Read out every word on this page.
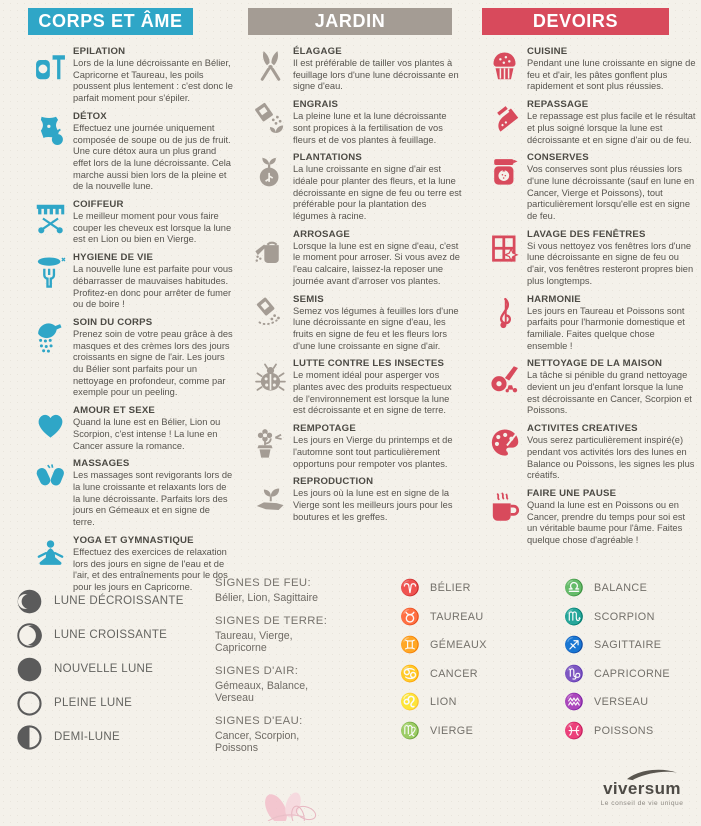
CORPS ET ÂME
EPILATION
Lors de la lune décroissante en Bélier, Capricorne et Taureau, les poils poussent plus lentement : c'est donc le parfait moment pour s'épiler.
DÉTOX
Effectuez une journée uniquement composée de soupe ou de jus de fruit. Une cure détox aura un plus grand effet lors de la lune décroissante. Cela marche aussi bien lors de la pleine et de la nouvelle lune.
COIFFEUR
Le meilleur moment pour vous faire couper les cheveux est lorsque la lune est en Lion ou bien en Vierge.
HYGIENE DE VIE
La nouvelle lune est parfaite pour vous débarrasser de mauvaises habitudes. Profitez-en donc pour arrêter de fumer ou de boire !
SOIN DU CORPS
Prenez soin de votre peau grâce à des masques et des crèmes lors des jours croissants en signe de l'air. Les jours du Bélier sont parfaits pour un nettoyage en profondeur, comme par exemple pour un peeling.
AMOUR ET SEXE
Quand la lune est en Bélier, Lion ou Scorpion, c'est intense ! La lune en Cancer assure la romance.
MASSAGES
Les massages sont revigorants lors de la lune croissante et relaxants lors de la lune décroissante. Parfaits lors des jours en Gémeaux et en signe de terre.
YOGA ET GYMNASTIQUE
Effectuez des exercices de relaxation lors des jours en signe de l'eau et de l'air, et des entraînements pour le dos pour les jours en Capricorne.
JARDIN
ÉLAGAGE
Il est préférable de tailler vos plantes à feuillage lors d'une lune décroissante en signe d'eau.
ENGRAIS
La pleine lune et la lune décroissante sont propices à la fertilisation de vos fleurs et de vos plantes à feuillage.
PLANTATIONS
La lune croissante en signe d'air est idéale pour planter des fleurs, et la lune décroissante en signe de feu ou terre est préférable pour la plantation des légumes à racine.
ARROSAGE
Lorsque la lune est en signe d'eau, c'est le moment pour arroser. Si vous avez de l'eau calcaire, laissez-la reposer une journée avant d'arroser vos plantes.
SEMIS
Semez vos légumes à feuilles lors d'une lune décroissante en signe d'eau, les fruits en signe de feu et les fleurs lors d'une lune croissante en signe d'air.
LUTTE CONTRE LES INSECTES
Le moment idéal pour asperger vos plantes avec des produits respectueux de l'environnement est lorsque la lune est décroissante et en signe de terre.
REMPOTAGE
Les jours en Vierge du printemps et de l'automne sont tout particulièrement opportuns pour rempoter vos plantes.
REPRODUCTION
Les jours où la lune est en signe de la Vierge sont les meilleurs jours pour les boutures et les greffes.
DEVOIRS
CUISINE
Pendant une lune croissante en signe de feu et d'air, les pâtes gonflent plus rapidement et sont plus réussies.
REPASSAGE
Le repassage est plus facile et le résultat et plus soigné lorsque la lune est décroissante et en signe d'air ou de feu.
CONSERVES
Vos conserves sont plus réussies lors d'une lune décroissante (sauf en lune en Cancer, Vierge et Poissons), tout particulièrement lorsqu'elle est en signe de feu.
LAVAGE DES FENÊTRES
Si vous nettoyez vos fenêtres lors d'une lune décroissante en signe de feu ou d'air, vos fenêtres resteront propres bien plus longtemps.
HARMONIE
Les jours en Taureau et Poissons sont parfaits pour l'harmonie domestique et familiale. Faites quelque chose ensemble !
NETTOYAGE DE LA MAISON
La tâche si pénible du grand nettoyage devient un jeu d'enfant lorsque la lune est décroissante en Cancer, Scorpion et Poissons.
ACTIVITES CREATIVES
Vous serez particulièrement inspiré(e) pendant vos activités lors des lunes en Balance ou Poissons, les signes les plus créatifs.
FAIRE UNE PAUSE
Quand la lune est en Poissons ou en Cancer, prendre du temps pour soi est un véritable baume pour l'âme. Faites quelque chose d'agréable !
LUNE DÉCROISSANTE
LUNE CROISSANTE
NOUVELLE LUNE
PLEINE LUNE
DEMI-LUNE
SIGNES DE FEU:
Bélier, Lion, Sagittaire
SIGNES DE TERRE:
Taureau, Vierge, Capricorne
SIGNES D'AIR:
Gémeaux, Balance, Verseau
SIGNES D'EAU:
Cancer, Scorpion, Poissons
♈ BÉLIER
♉ TAUREAU
♊ GÉMEAUX
♋ CANCER
♌ LION
♍ VIERGE
♎ BALANCE
♏ SCORPION
♐ SAGITTAIRE
♑ CAPRICORNE
♒ VERSEAU
♓ POISSONS
viversum
Le conseil de vie unique
